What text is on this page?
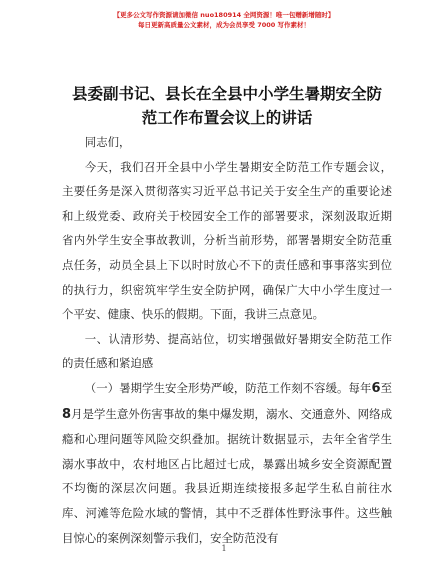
【更多公文写作资源请加微信 nuo180914 全网资源！唯一包赠新增随时】
每日更新高质量公文素材，成为会员享受 7000 写作素材！
县委副书记、县长在全县中小学生暑期安全防
范工作布置会议上的讲话

同志们，

今天，我们召开全县中小学生暑期安全防范工作专题会议，主要任务是深入贯彻落实习近平总书记关于安全生产的重要论述和上级党委、政府关于校园安全工作的部署要求，深刻汲取近期省内外学生安全事故教训，分析当前形势，部署暑期安全防范重点任务，动员全县上下以时时放心不下的责任感和事事落实到位的执行力，织密筑牢学生安全防护网，确保广大中小学生度过一个平安、健康、快乐的假期。下面，我讲三点意见。

一、认清形势、提高站位，切实增强做好暑期安全防范工作的责任感和紧迫感

（一）暑期学生安全形势严峻，防范工作刻不容缓。每年6至8月是学生意外伤害事故的集中爆发期，溺水、交通意外、网络成瘾和心理问题等风险交织叠加。据统计数据显示，去年全省学生溺水事故中，农村地区占比超过七成，暴露出城乡安全资源配置不均衡的深层次问题。我县近期连续接报多起学生私自前往水库、河滩等危险水域的警情，其中不乏群体性野泳事件。这些触目惊心的案例深刻警示我们，安全防范没有

1
